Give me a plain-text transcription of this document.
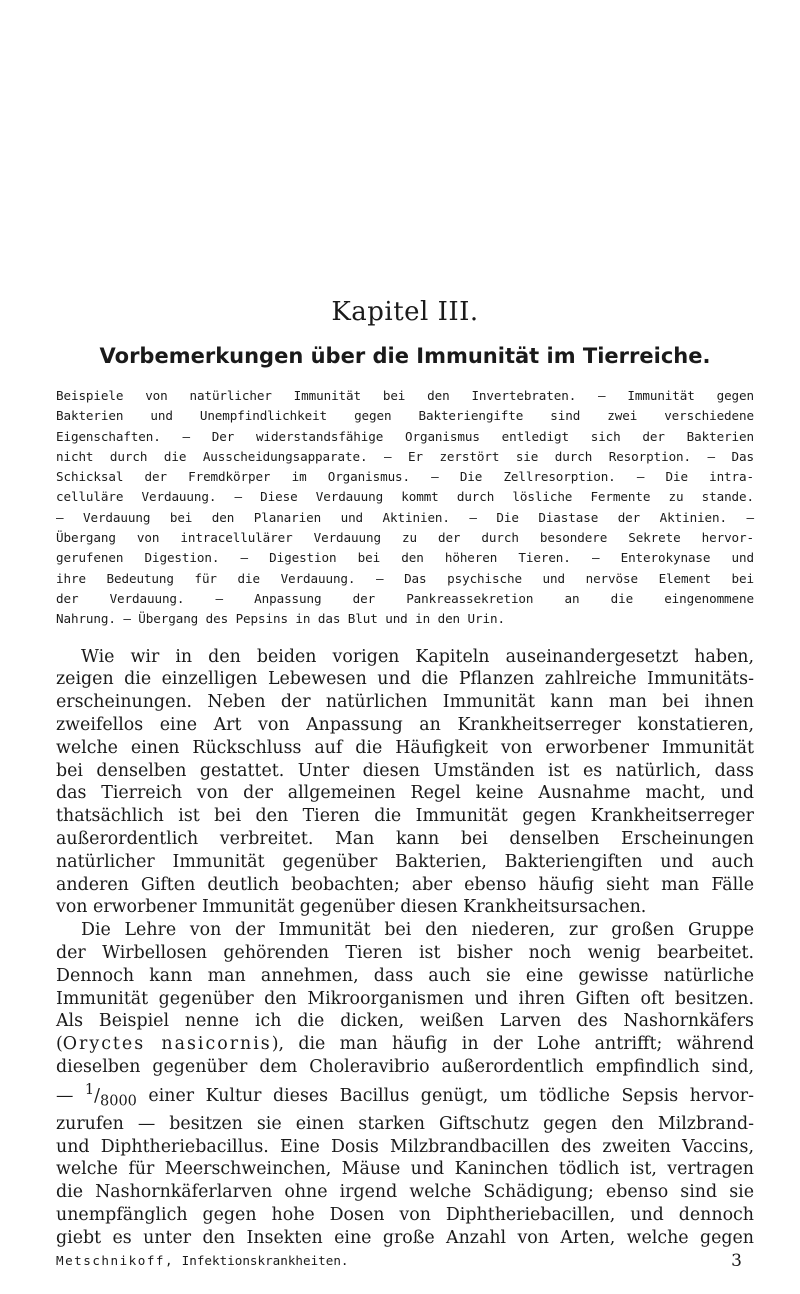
Kapitel III.
Vorbemerkungen über die Immunität im Tierreiche.
Beispiele von natürlicher Immunität bei den Invertebraten. — Immunität gegen
Bakterien und Unempfindlichkeit gegen Bakteriengifte sind zwei verschiedene
Eigenschaften. — Der widerstandsfähige Organismus entledigt sich der Bakterien
nicht durch die Ausscheidungsapparate. — Er zerstört sie durch Resorption. — Das
Schicksal der Fremdkörper im Organismus. — Die Zellresorption. — Die intra-
celluläre Verdauung. — Diese Verdauung kommt durch lösliche Fermente zu stande.
— Verdauung bei den Planarien und Aktinien. — Die Diastase der Aktinien. —
Übergang von intracellulärer Verdauung zu der durch besondere Sekrete hervor-
gerufenen Digestion. — Digestion bei den höheren Tieren. — Enterokynase und
ihre Bedeutung für die Verdauung. — Das psychische und nervöse Element bei
der Verdauung. — Anpassung der Pankreassekretion an die eingenommene
Nahrung. — Übergang des Pepsins in das Blut und in den Urin.
Wie wir in den beiden vorigen Kapiteln auseinandergesetzt haben,
zeigen die einzelligen Lebewesen und die Pflanzen zahlreiche Immunitäts-
erscheinungen. Neben der natürlichen Immunität kann man bei ihnen
zweifellos eine Art von Anpassung an Krankheitserreger konstatieren,
welche einen Rückschluss auf die Häufigkeit von erworbener Immunität
bei denselben gestattet. Unter diesen Umständen ist es natürlich, dass
das Tierreich von der allgemeinen Regel keine Ausnahme macht, und
thatsächlich ist bei den Tieren die Immunität gegen Krankheitserreger
außerordentlich verbreitet. Man kann bei denselben Erscheinungen
natürlicher Immunität gegenüber Bakterien, Bakteriengiften und auch
anderen Giften deutlich beobachten; aber ebenso häufig sieht man Fälle
von erworbener Immunität gegenüber diesen Krankheitsursachen.
Die Lehre von der Immunität bei den niederen, zur großen Gruppe
der Wirbellosen gehörenden Tieren ist bisher noch wenig bearbeitet.
Dennoch kann man annehmen, dass auch sie eine gewisse natürliche
Immunität gegenüber den Mikroorganismen und ihren Giften oft besitzen.
Als Beispiel nenne ich die dicken, weißen Larven des Nashornkäfers
(Oryctes nasicornis), die man häufig in der Lohe antrifft; während
dieselben gegenüber dem Choleravibrio außerordentlich empfindlich sind,
— $^1/_{8000}$ einer Kultur dieses Bacillus genügt, um tödliche Sepsis hervor-
zurufen — besitzen sie einen starken Giftschutz gegen den Milzbrand-
und Diphtheriebacillus. Eine Dosis Milzbrandbacillen des zweiten Vaccins,
welche für Meerschweinchen, Mäuse und Kaninchen tödlich ist, vertragen
die Nashornkäferlarven ohne irgend welche Schädigung; ebenso sind sie
unempfänglich gegen hohe Dosen von Diphtheriebacillen, und dennoch
giebt es unter den Insekten eine große Anzahl von Arten, welche gegen
Metschnikoff, Infektionskrankheiten.	3
